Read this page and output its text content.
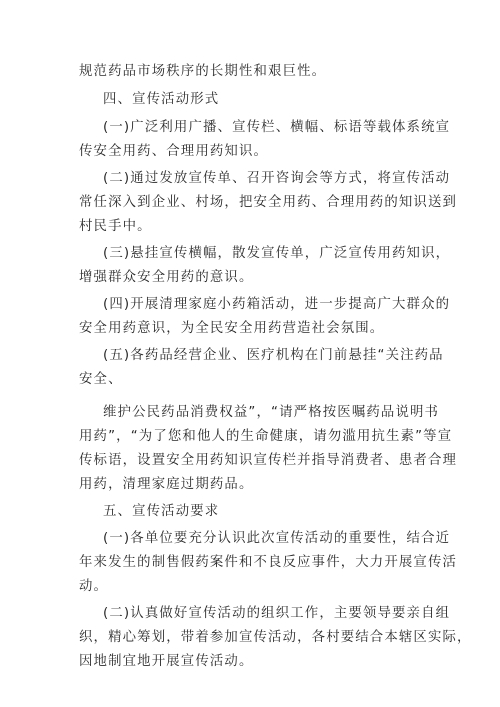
规范药品市场秩序的长期性和艰巨性。
四、宣传活动形式
(一)广泛利用广播、宣传栏、横幅、标语等载体系统宣
传安全用药、合理用药知识。
(二)通过发放宣传单、召开咨询会等方式，将宣传活动
常任深入到企业、村场，把安全用药、合理用药的知识送到
村民手中。
(三)悬挂宣传横幅，散发宣传单，广泛宣传用药知识，
增强群众安全用药的意识。
(四)开展清理家庭小药箱活动，进一步提高广大群众的
安全用药意识，为全民安全用药营造社会氛围。
(五)各药品经营企业、医疗机构在门前悬挂“关注药品
安全、
维护公民药品消费权益”，“请严格按医嘱药品说明书
用药”，“为了您和他人的生命健康，请勿滥用抗生素”等宣
传标语，设置安全用药知识宣传栏并指导消费者、患者合理
用药，清理家庭过期药品。
五、宣传活动要求
(一)各单位要充分认识此次宣传活动的重要性，结合近
年来发生的制售假药案件和不良反应事件，大力开展宣传活
动。
(二)认真做好宣传活动的组织工作，主要领导要亲自组
织，精心筹划，带着参加宣传活动，各村要结合本辖区实际，
因地制宜地开展宣传活动。
